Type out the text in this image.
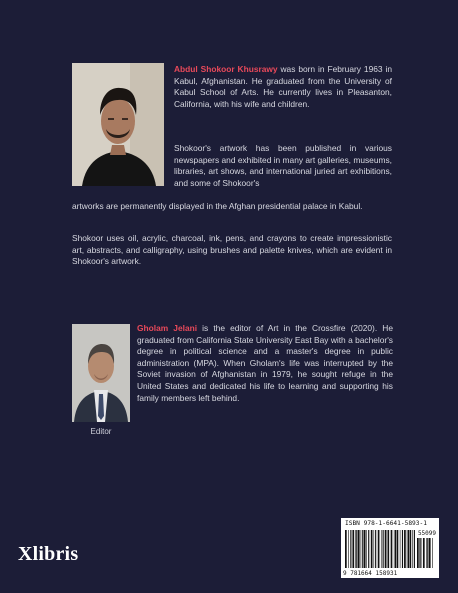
Abdul Shokoor Khusrawy was born in February 1963 in Kabul, Afghanistan. He graduated from the University of Kabul School of Arts. He currently lives in Pleasanton, California, with his wife and children.

Shokoor's artwork has been published in various newspapers and exhibited in many art galleries, museums, libraries, art shows, and international juried art exhibitions, and some of Shokoor's

artworks are permanently displayed in the Afghan presidential palace in Kabul.

Shokoor uses oil, acrylic, charcoal, ink, pens, and crayons to create impressionistic art, abstracts, and calligraphy, using brushes and palette knives, which are evident in Shokoor's artwork.

Editor

Gholam Jelani is the editor of Art in the Crossfire (2020). He graduated from California State University East Bay with a bachelor's degree in political science and a master's degree in public administration (MPA). When Gholam's life was interrupted by the Soviet invasion of Afghanistan in 1979, he sought refuge in the United States and dedicated his life to learning and supporting his family members left behind.

Xlibris
ISBN 978-1-6641-5893-1
55099
9 781664 158931
